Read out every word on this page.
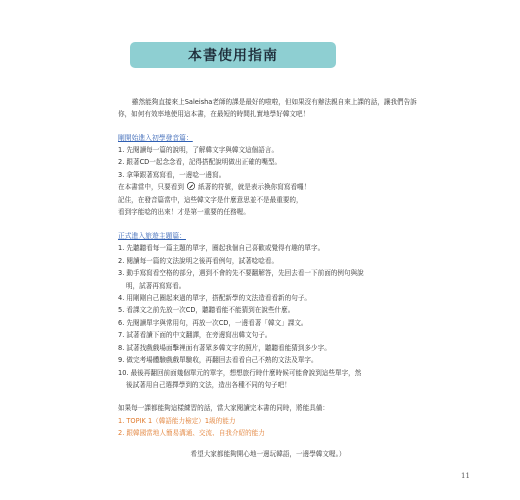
本書使用指南

雖然能夠直接來上Saleisha老師的課是最好的啦啦，但如果沒有辦法親自來上課的話，讓我們告訴你，如何有效率地使用這本書，在最短的時間扎實地學好韓文吧！

剛開始進入初學發音篇：
1. 先閱讀每一篇的說明，了解韓文字與韓文這個語言。
2. 跟著CD一起念念看，記得搭配說明做出正確的嘴型。
3. 拿筆跟著寫寫看，一邊唸一邊寫。
在本書當中，只要看到 紙著的符號，就是表示換你寫寫看囉！
記住，在發音篇當中，這些韓文字是什麼意思並不是最重要的，
看到字能唸的出來！才是第一重要的任務喔。
正式進入旅遊主題篇：
1. 先聽聽看每一篇主題的單字，圈起我個自己喜歡或覺得有趣的單字。
2. 閱讀每一篇的文法說明之後再看例句，試著唸唸看。
3. 動手寫寫看空格的部分，遇到不會的先不要翻解答，先回去看一下前面的例句與說
明，試著再寫寫看。
4. 用剛剛自己圈起來過的單字，搭配新學的文法造看看新的句子。
5. 看課文之前先放一次CD，聽聽看能不能猜到在說些什麼。
6. 先閱讀單字與常用句，再放一次CD，一邊看著「韓文」課文。
7. 試著看讀下面的中文翻譯，在旁邊寫出韓文句子。
8. 試著找戲戲場面擊裡面有著眾多韓文字的照片，聽聽看能猜到多少字。
9. 做完考場體驗戲戲單驗收，再翻回去看看自己不熟的文法及單字。
10. 最後再翻回前面幾個單元的單字，想想旅行時什麼時候可能會說到這些單字，然
後試著用自己選擇學到的文法，造出各種不同的句子吧！
如果每一課都能夠這樣練習的話，當大家閱讀完本書的同時，將能具備：
1. TOPIK 1（韓語能力檢定）1級的能力
2. 跟韓國當地人簡易溝通、交流、自我介紹的能力
希望大家都能夠開心地一邊玩韓語，一邊學韓文喔。）
11
